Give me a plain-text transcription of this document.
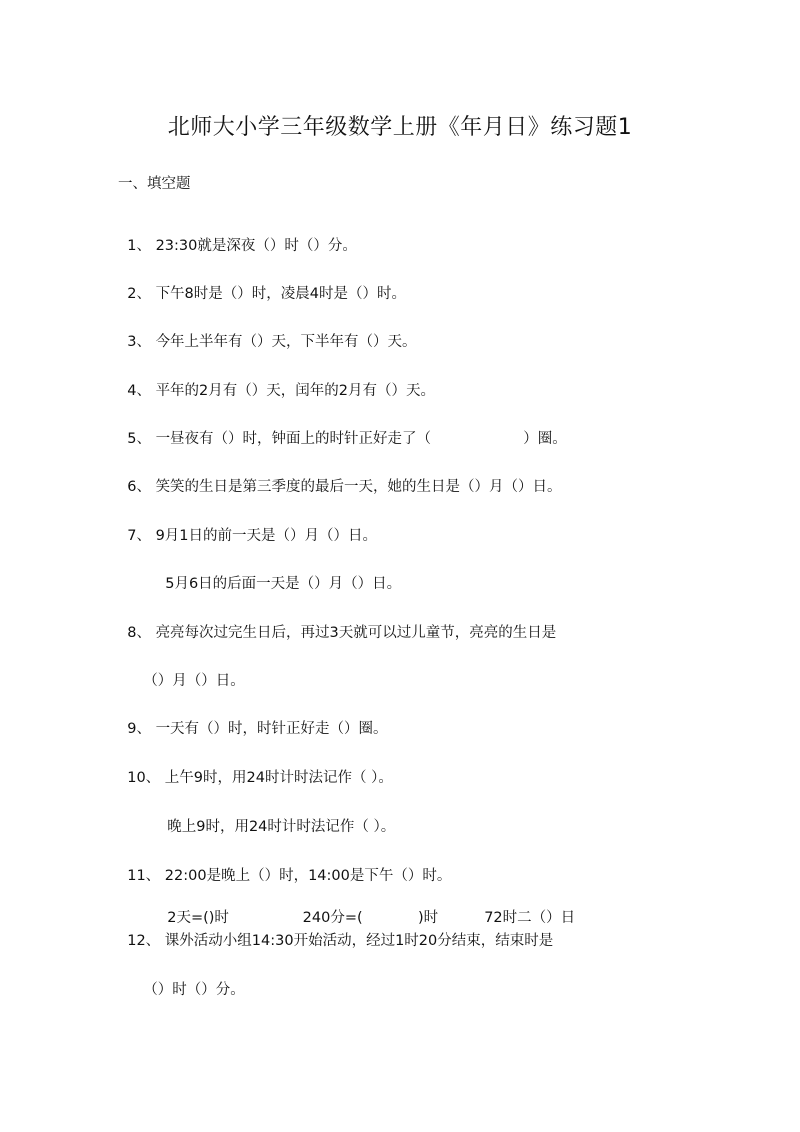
北师大小学三年级数学上册《年月日》练习题1
一、填空题

1、 23:30就是深夜（）时（）分。

2、 下午8时是（）时，凌晨4时是（）时。

3、 今年上半年有（）天，下半年有（）天。

4、 平年的2月有（）天，闰年的2月有（）天。

5、 一昼夜有（）时，钟面上的时针正好走了（                    ）圈。

6、 笑笑的生日是第三季度的最后一天，她的生日是（）月（）日。

7、 9月1日的前一天是（）月（）日。

5月6日的后面一天是（）月（）日。

8、 亮亮每次过完生日后，再过3天就可以过儿童节，亮亮的生日是

（）月（）日。

9、 一天有（）时，时针正好走（）圈。

10、 上午9时，用24时计时法记作（ ）。

晚上9时，用24时计时法记作（ ）。

11、 22:00是晚上（）时，14:00是下午（）时。

2天=()时                240分=(            )时          72时二（）日

12、 课外活动小组14:30开始活动，经过1时20分结束，结束时是

（）时（）分。
